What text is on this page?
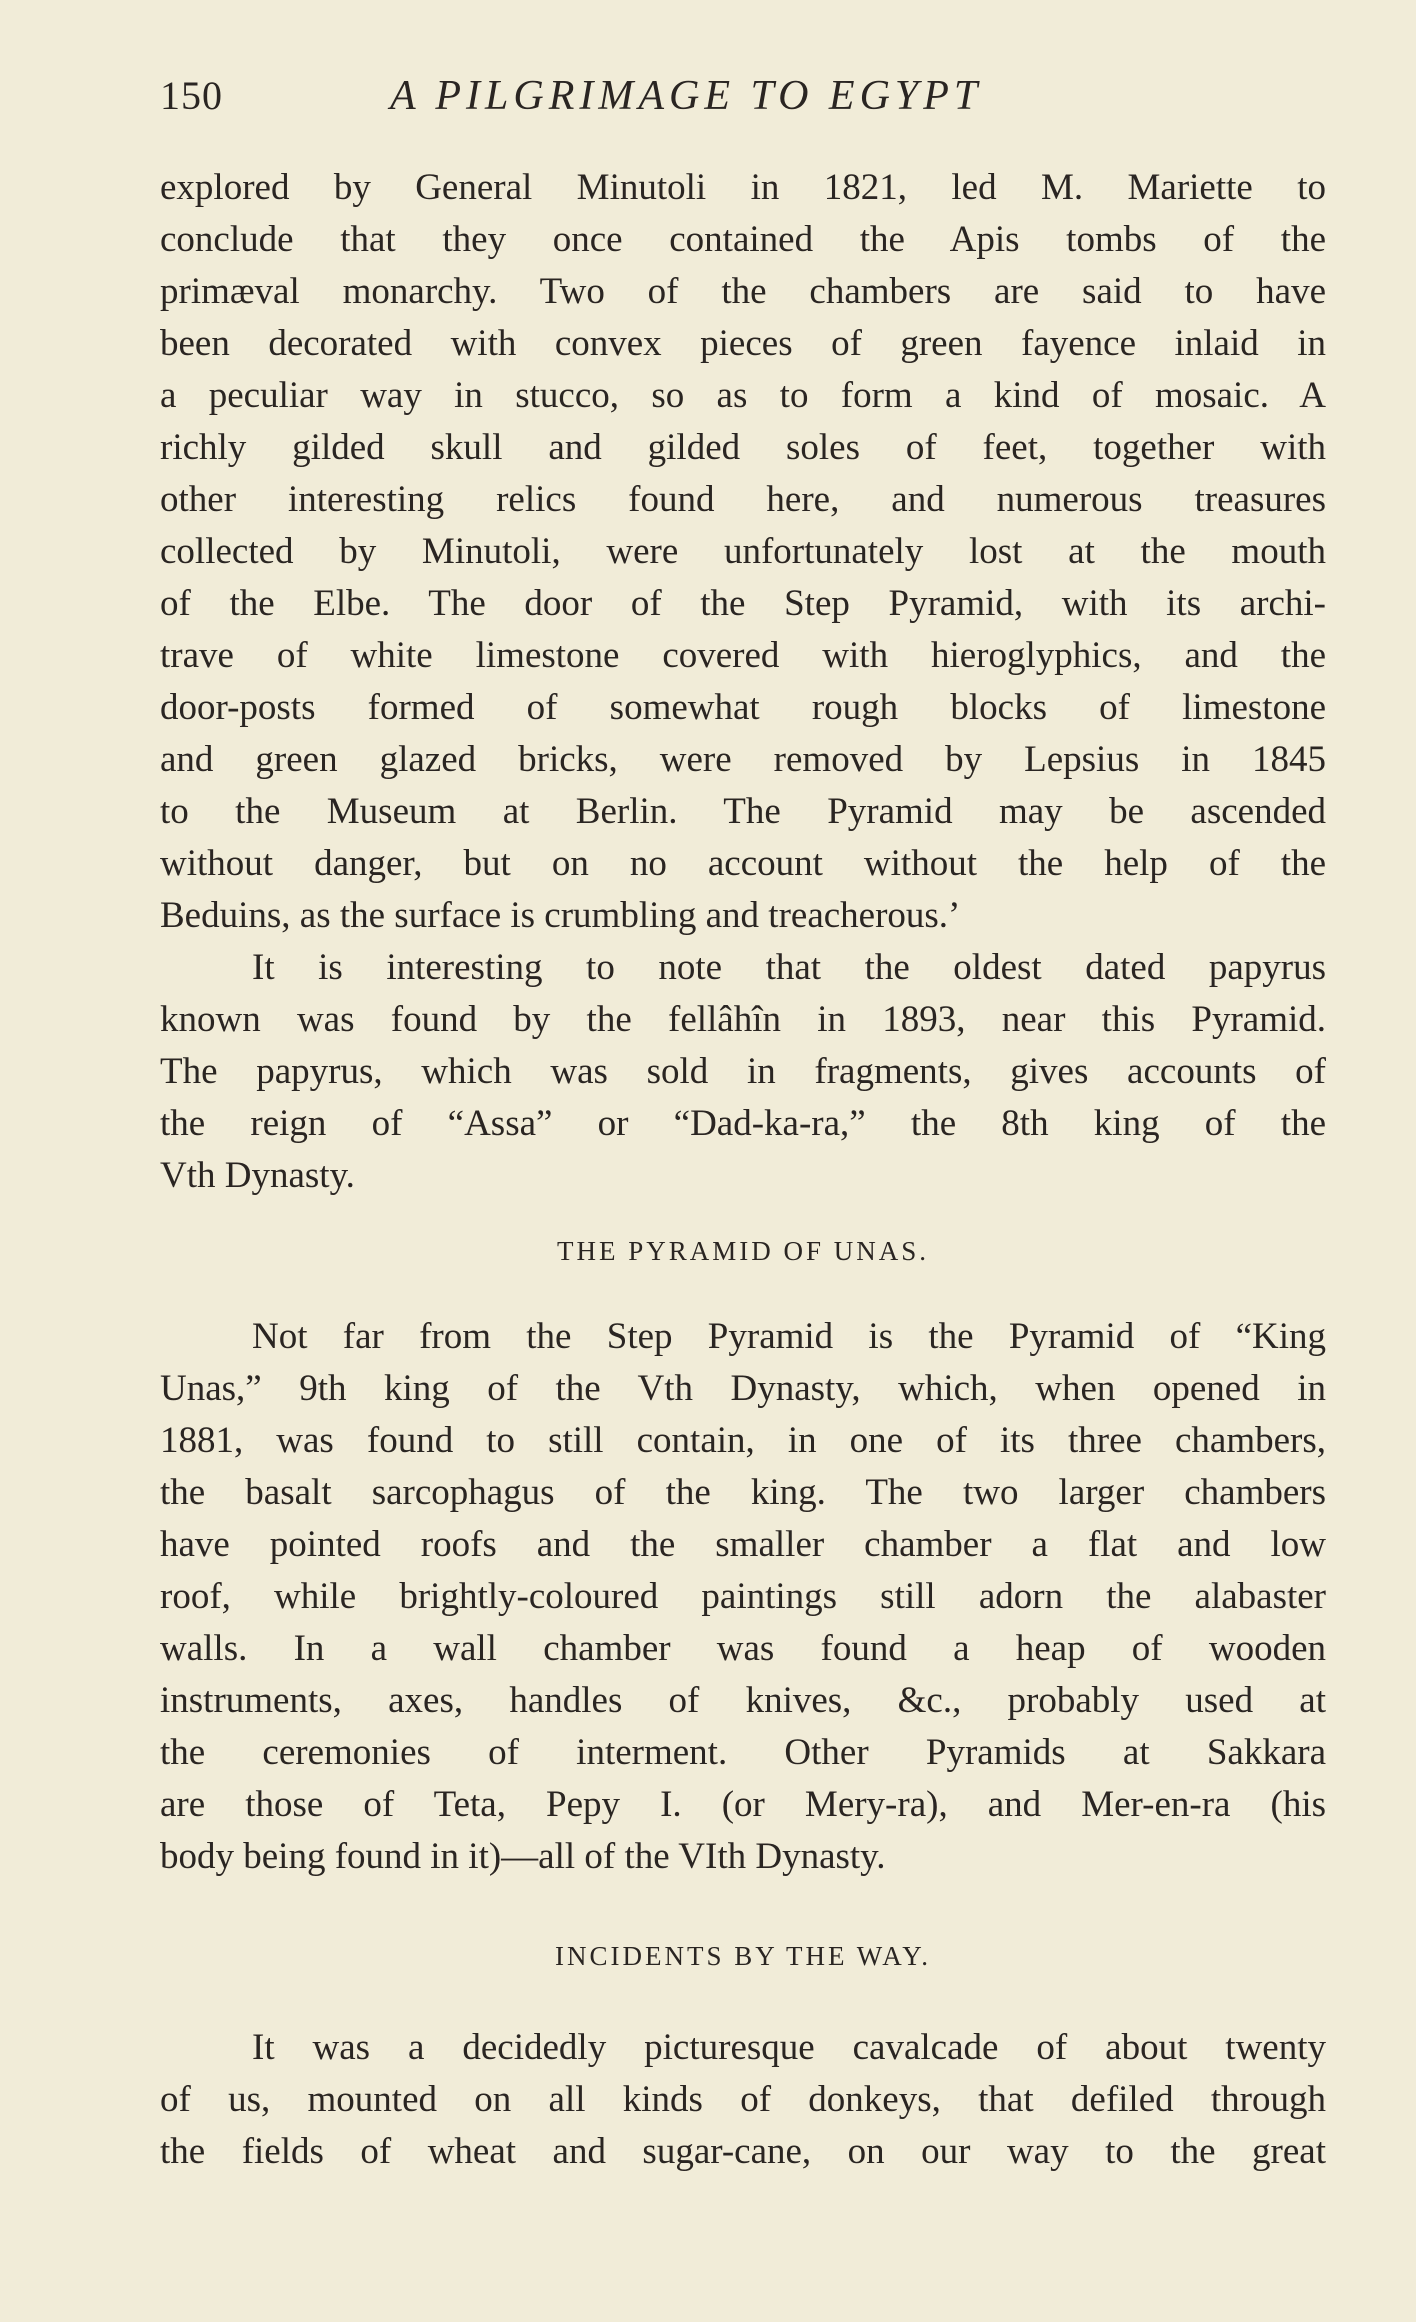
150	A PILGRIMAGE TO EGYPT
explored by General Minutoli in 1821, led M. Mariette to
conclude that they once contained the Apis tombs of the
primæval monarchy. Two of the chambers are said to have
been decorated with convex pieces of green fayence inlaid in
a peculiar way in stucco, so as to form a kind of mosaic. A
richly gilded skull and gilded soles of feet, together with
other interesting relics found here, and numerous treasures
collected by Minutoli, were unfortunately lost at the mouth
of the Elbe. The door of the Step Pyramid, with its archi-
trave of white limestone covered with hieroglyphics, and the
door-posts formed of somewhat rough blocks of limestone
and green glazed bricks, were removed by Lepsius in 1845
to the Museum at Berlin. The Pyramid may be ascended
without danger, but on no account without the help of the
Beduins, as the surface is crumbling and treacherous.’
It is interesting to note that the oldest dated papyrus
known was found by the fellâhîn in 1893, near this Pyramid.
The papyrus, which was sold in fragments, gives accounts of
the reign of “Assa” or “Dad-ka-ra,” the 8th king of the
Vth Dynasty.
THE PYRAMID OF UNAS.
Not far from the Step Pyramid is the Pyramid of “King
Unas,” 9th king of the Vth Dynasty, which, when opened in
1881, was found to still contain, in one of its three chambers,
the basalt sarcophagus of the king. The two larger chambers
have pointed roofs and the smaller chamber a flat and low
roof, while brightly-coloured paintings still adorn the alabaster
walls. In a wall chamber was found a heap of wooden
instruments, axes, handles of knives, &c., probably used at
the ceremonies of interment. Other Pyramids at Sakkara
are those of Teta, Pepy I. (or Mery-ra), and Mer-en-ra (his
body being found in it)—all of the VIth Dynasty.
INCIDENTS BY THE WAY.
It was a decidedly picturesque cavalcade of about twenty
of us, mounted on all kinds of donkeys, that defiled through
the fields of wheat and sugar-cane, on our way to the great
